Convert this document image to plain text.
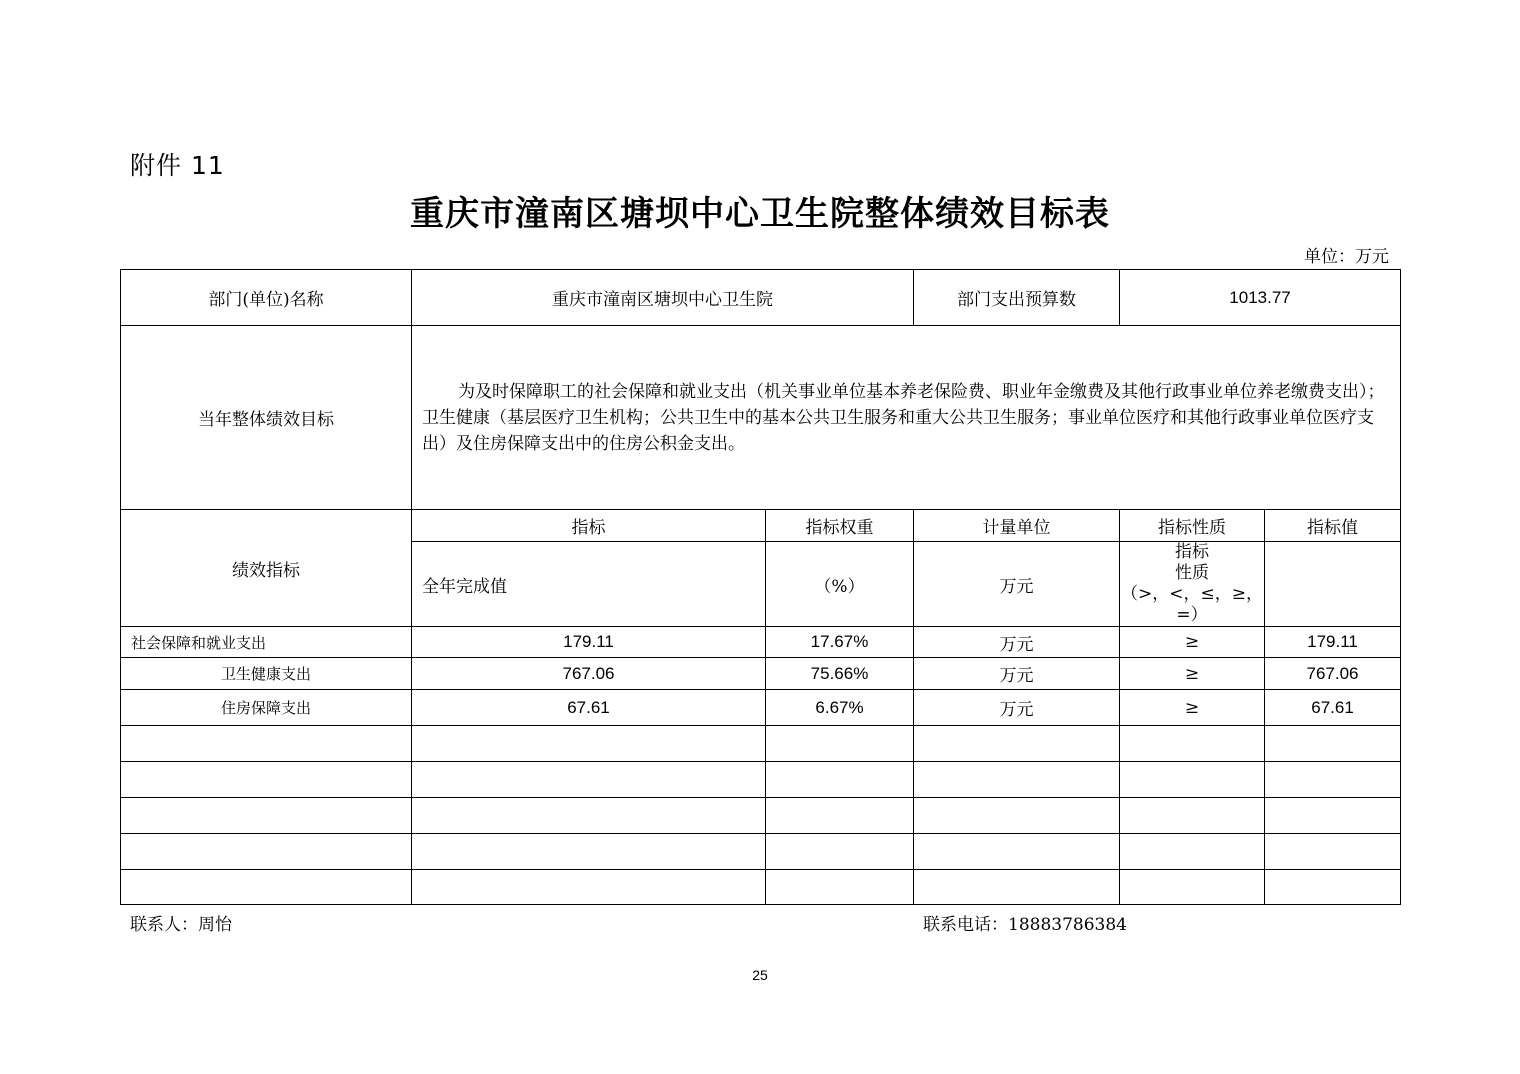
附件 11
重庆市潼南区塘坝中心卫生院整体绩效目标表
单位：万元
部门(单位)名称	重庆市潼南区塘坝中心卫生院		部门支出预算数	1013.77	
当年整体绩效目标	为及时保障职工的社会保障和就业支出（机关事业单位基本养老保险费、职业年金缴费及其他行政事业单位养老缴费支出）；卫生健康（基层医疗卫生机构；公共卫生中的基本公共卫生服务和重大公共卫生服务；事业单位医疗和其他行政事业单位医疗支出）及住房保障支出中的住房公积金支出。				
绩效指标	指标	指标权重	计量单位	指标性质	指标值
	全年完成值	（%）	万元	指标
性质
（>，<，≤，≥，
=）	

社会保障和就业支出	179.11	17.67%	万元	≥	179.11
卫生健康支出	767.06	75.66%	万元	≥	767.06
住房保障支出	67.61	6.67%	万元	≥	67.61

联系人：周怡	联系电话：18883786384
25
